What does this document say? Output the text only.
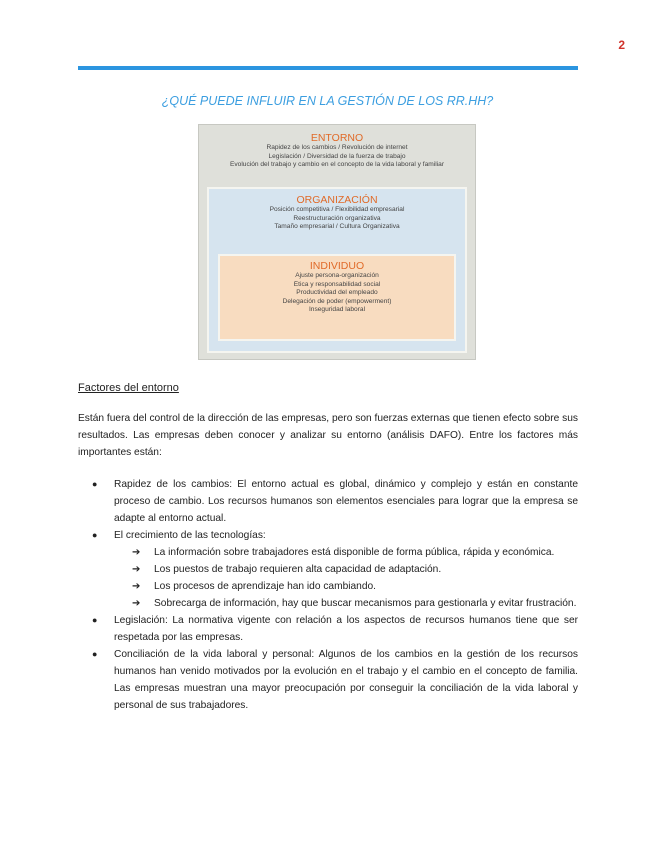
2
¿QUÉ PUEDE INFLUIR EN LA GESTIÓN DE LOS RR.HH?
ENTORNO
Rapidez de los cambios / Revolución de internet
Legislación / Diversidad de la fuerza de trabajo
Evolución del trabajo y cambio en el concepto de la vida laboral y familiar
ORGANIZACIÓN
Posición competitiva / Flexibilidad empresarial
Reestructuración organizativa
Tamaño empresarial / Cultura Organizativa
INDIVIDUO
Ajuste persona-organización
Ética y responsabilidad social
Productividad del empleado
Delegación de poder (empowerment)
Inseguridad laboral
Factores del entorno

Están fuera del control de la dirección de las empresas, pero son fuerzas externas que tienen efecto sobre sus resultados. Las empresas deben conocer y analizar su entorno (análisis DAFO). Entre los factores más importantes están:

● Rapidez de los cambios: El entorno actual es global, dinámico y complejo y están en constante proceso de cambio. Los recursos humanos son elementos esenciales para lograr que la empresa se adapte al entorno actual.
● El crecimiento de las tecnologías:
➔ La información sobre trabajadores está disponible de forma pública, rápida y económica.
➔ Los puestos de trabajo requieren alta capacidad de adaptación.
➔ Los procesos de aprendizaje han ido cambiando.
➔ Sobrecarga de información, hay que buscar mecanismos para gestionarla y evitar frustración.
● Legislación: La normativa vigente con relación a los aspectos de recursos humanos tiene que ser respetada por las empresas.
● Conciliación de la vida laboral y personal: Algunos de los cambios en la gestión de los recursos humanos han venido motivados por la evolución en el trabajo y el cambio en el concepto de familia. Las empresas muestran una mayor preocupación por conseguir la conciliación de la vida laboral y personal de sus trabajadores.
